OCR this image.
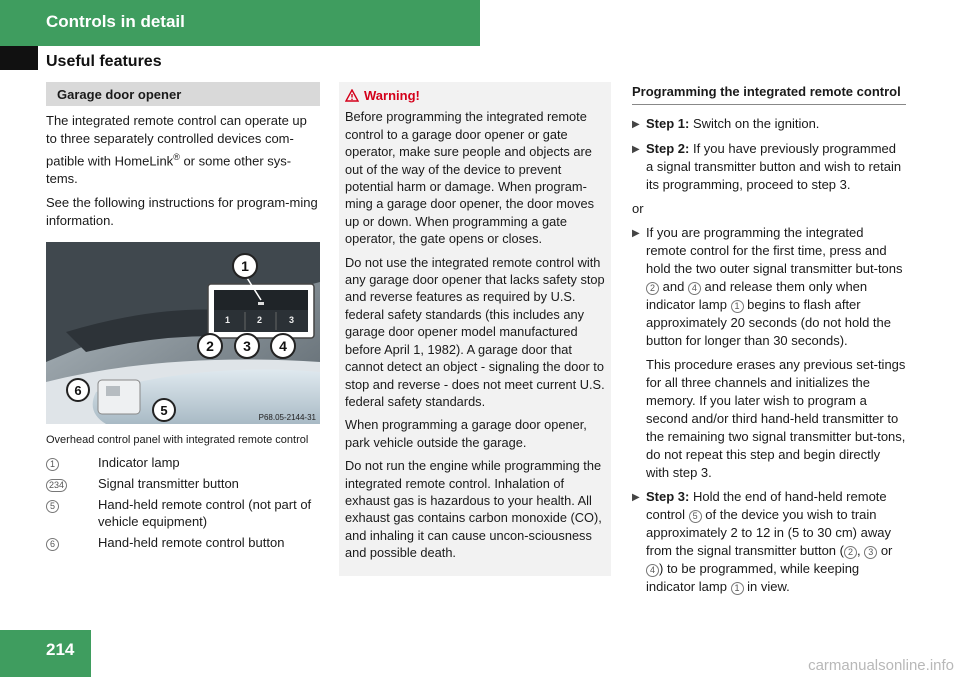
Controls in detail
Useful features
Garage door opener

The integrated remote control can operate up to three separately controlled devices com-patible with HomeLink® or some other sys-tems.

See the following instructions for program-ming information.

1	2	3
1
2 3 4
6
5	P68.05-2144-31
Overhead control panel with integrated remote control
1	Indicator lamp
234	Signal transmitter button
5	Hand-held remote control (not part of vehicle equipment)
6	Hand-held remote control button
Warning!

Before programming the integrated remote control to a garage door opener or gate operator, make sure people and objects are out of the way of the device to prevent potential harm or damage. When program-ming a garage door opener, the door moves up or down. When programming a gate operator, the gate opens or closes.

Do not use the integrated remote control with any garage door opener that lacks safety stop and reverse features as required by U.S. federal safety standards (this includes any garage door opener model manufactured before April 1, 1982). A garage door that cannot detect an object - signaling the door to stop and reverse - does not meet current U.S. federal safety standards.

When programming a garage door opener, park vehicle outside the garage.

Do not run the engine while programming the integrated remote control. Inhalation of exhaust gas is hazardous to your health. All exhaust gas contains carbon monoxide (CO), and inhaling it can cause uncon-sciousness and possible death.

Programming the integrated remote control
▶ Step 1: Switch on the ignition.
▶ Step 2: If you have previously programmed a signal transmitter button and wish to retain its programming, proceed to step 3.
or
▶ If you are programming the integrated remote control for the first time, press and hold the two outer signal transmitter but-tons 2 and 4 and release them only when indicator lamp 1 begins to flash after approximately 20 seconds (do not hold the button for longer than 30 seconds).
This procedure erases any previous set-tings for all three channels and initializes the memory. If you later wish to program a second and/or third hand-held transmitter to the remaining two signal transmitter but-tons, do not repeat this step and begin directly with step 3.
▶ Step 3: Hold the end of hand-held remote control 5 of the device you wish to train approximately 2 to 12 in (5 to 30 cm) away from the signal transmitter button ( 2 , 3 or 4 ) to be programmed, while keeping indicator lamp 1 in view.
214
carmanualsonline.info
